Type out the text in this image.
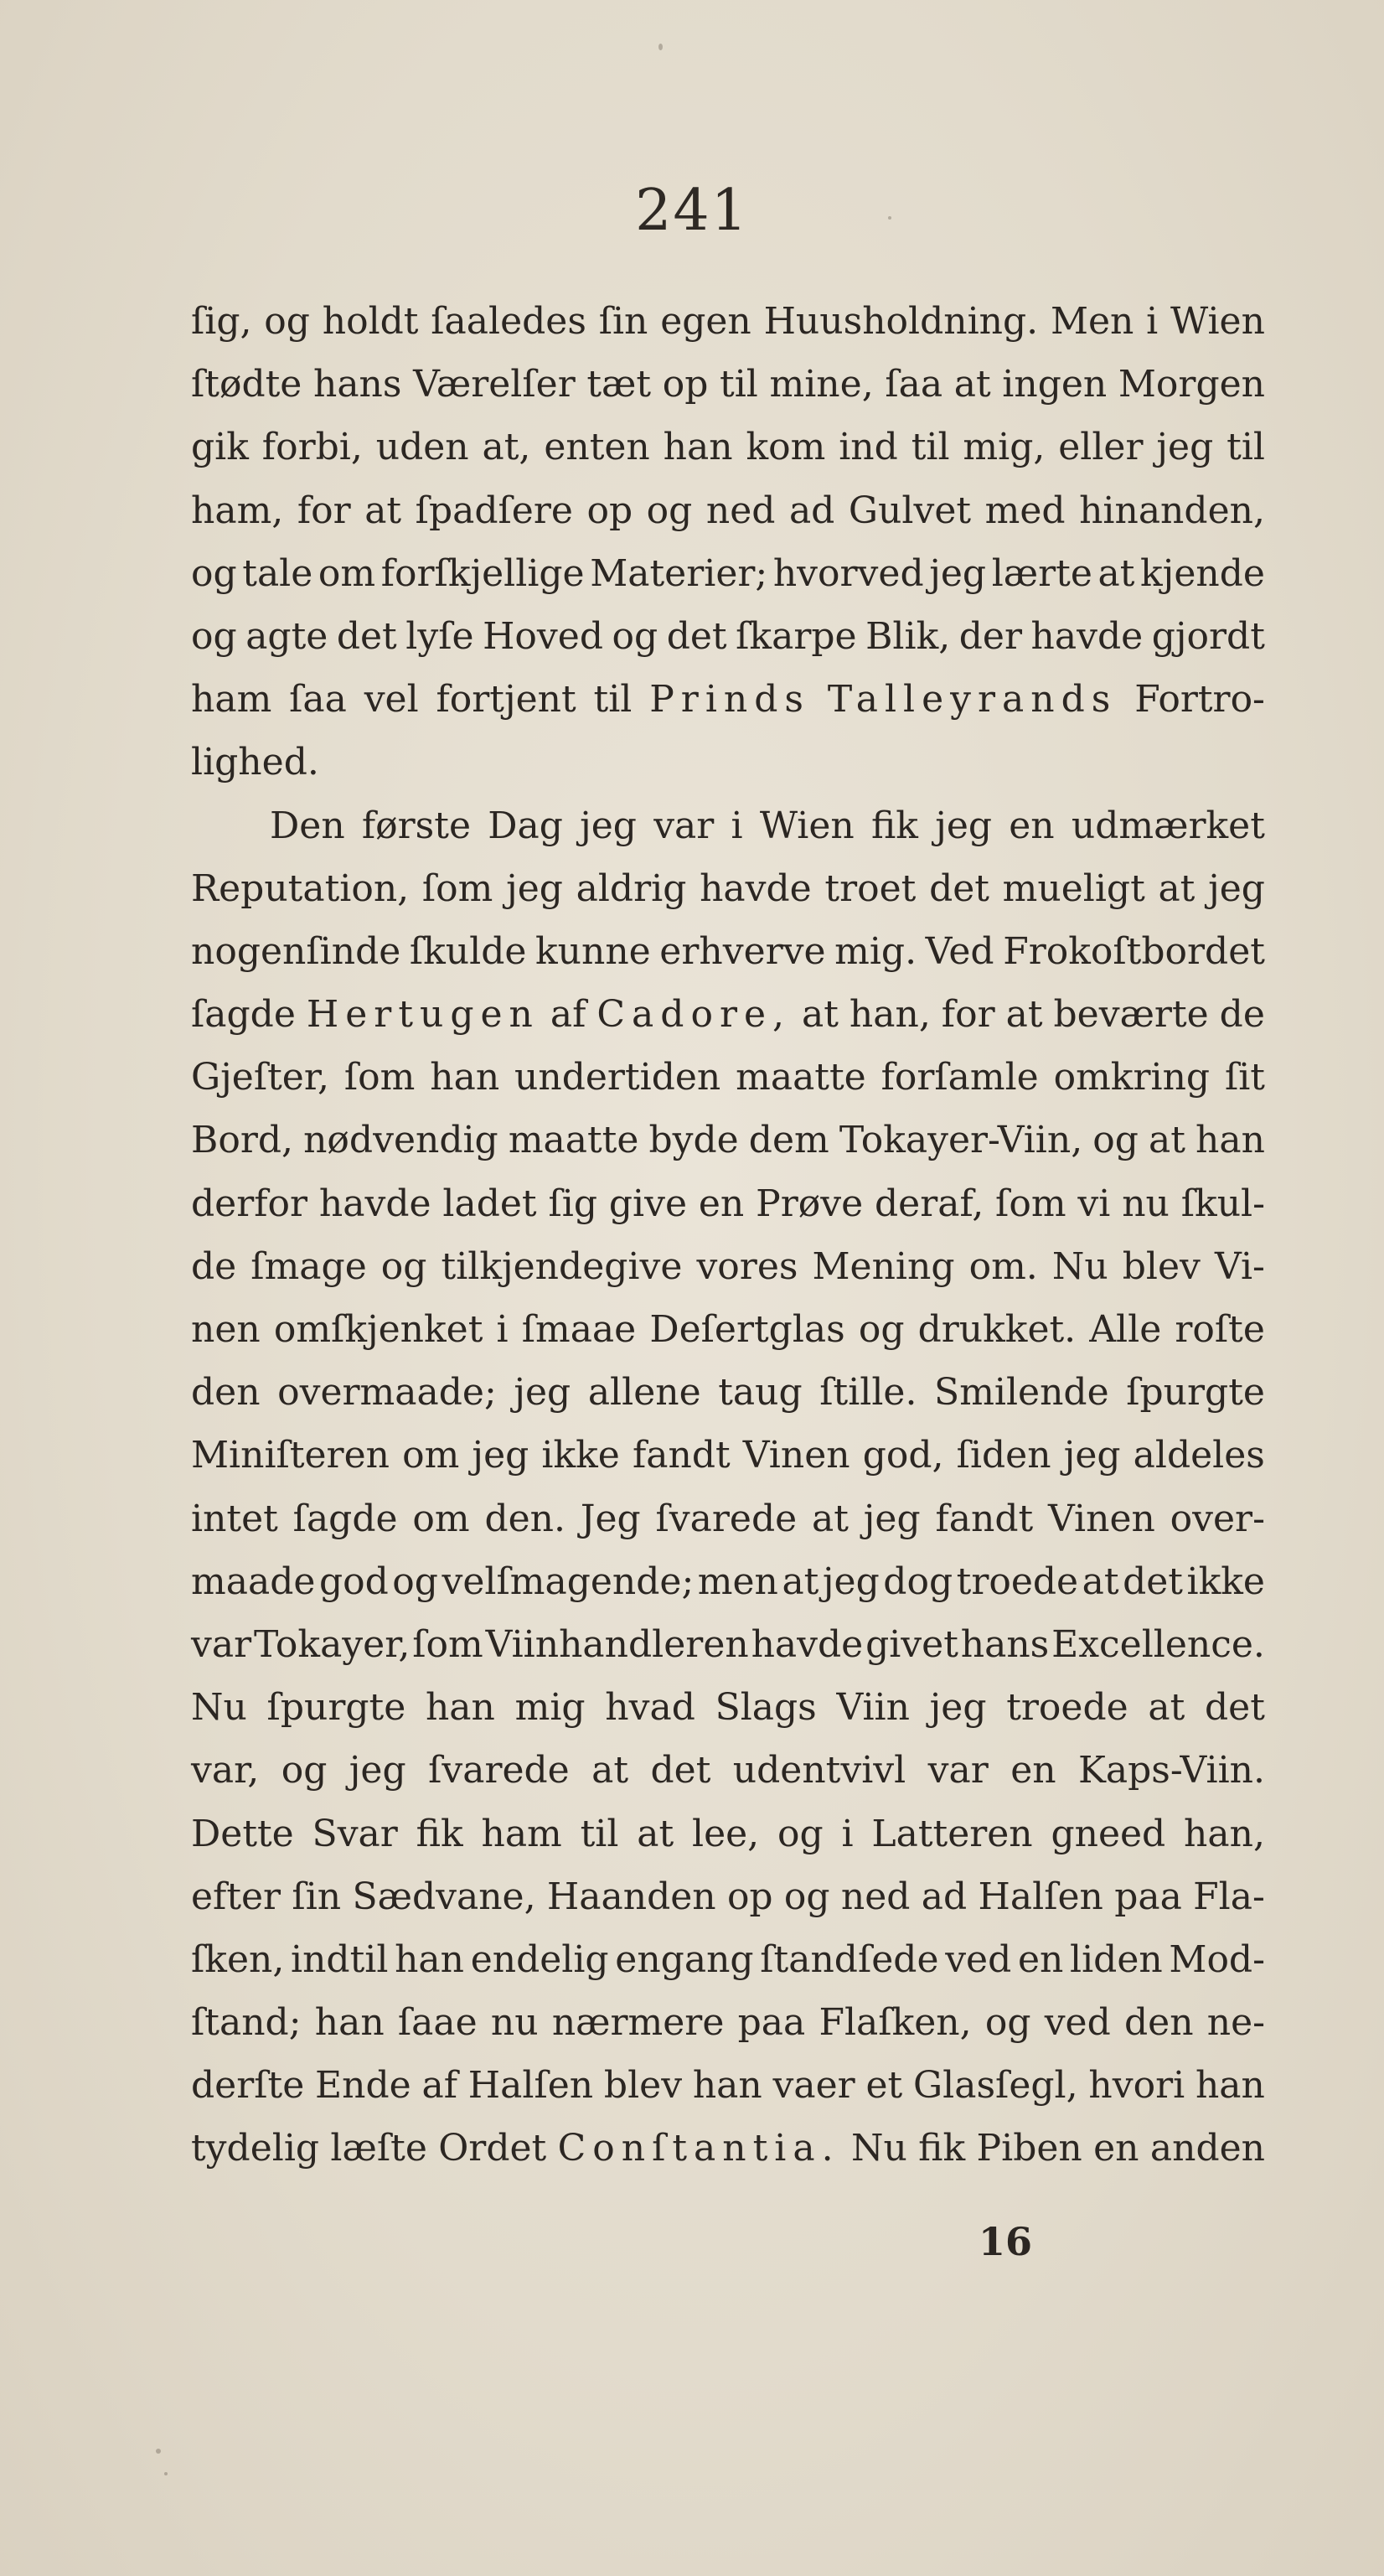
241
ſig, og holdt ſaaledes ſin egen Huusholdning. Men i Wien
ſtødte hans Værelſer tæt op til mine, ſaa at ingen Morgen
gik forbi, uden at, enten han kom ind til mig, eller jeg til
ham, for at ſpadſere op og ned ad Gulvet med hinanden,
og tale om forſkjellige Materier; hvorved jeg lærte at kjende
og agte det lyſe Hoved og det ſkarpe Blik, der havde gjordt
ham ſaa vel fortjent til Prinds Talleyrands Fortro-
lighed.
Den første Dag jeg var i Wien fik jeg en udmærket
Reputation, ſom jeg aldrig havde troet det mueligt at jeg
nogenſinde ſkulde kunne erhverve mig. Ved Frokoſtbordet
ſagde Hertugen af Cadore, at han, for at beværte de
Gjeſter, ſom han undertiden maatte forſamle omkring ſit
Bord, nødvendig maatte byde dem Tokayer-Viin, og at han
derfor havde ladet ſig give en Prøve deraf, ſom vi nu ſkul-
de ſmage og tilkjendegive vores Mening om. Nu blev Vi-
nen omſkjenket i ſmaae Deſertglas og drukket. Alle roſte
den overmaade; jeg allene taug ſtille. Smilende ſpurgte
Miniſteren om jeg ikke fandt Vinen god, ſiden jeg aldeles
intet ſagde om den. Jeg ſvarede at jeg fandt Vinen over-
maade god og velſmagende; men at jeg dog troede at det ikke
var Tokayer, ſom Viinhandleren havde givet hans Excellence.
Nu ſpurgte han mig hvad Slags Viin jeg troede at det
var, og jeg ſvarede at det udentvivl var en Kaps-Viin.
Dette Svar fik ham til at lee, og i Latteren gneed han,
efter ſin Sædvane, Haanden op og ned ad Halſen paa Fla-
ſken, indtil han endelig engang ſtandſede ved en liden Mod-
ſtand; han ſaae nu nærmere paa Flaſken, og ved den ne-
derſte Ende af Halſen blev han vaer et Glasſegl, hvori han
tydelig læſte Ordet Conſtantia. Nu fik Piben en anden
16
